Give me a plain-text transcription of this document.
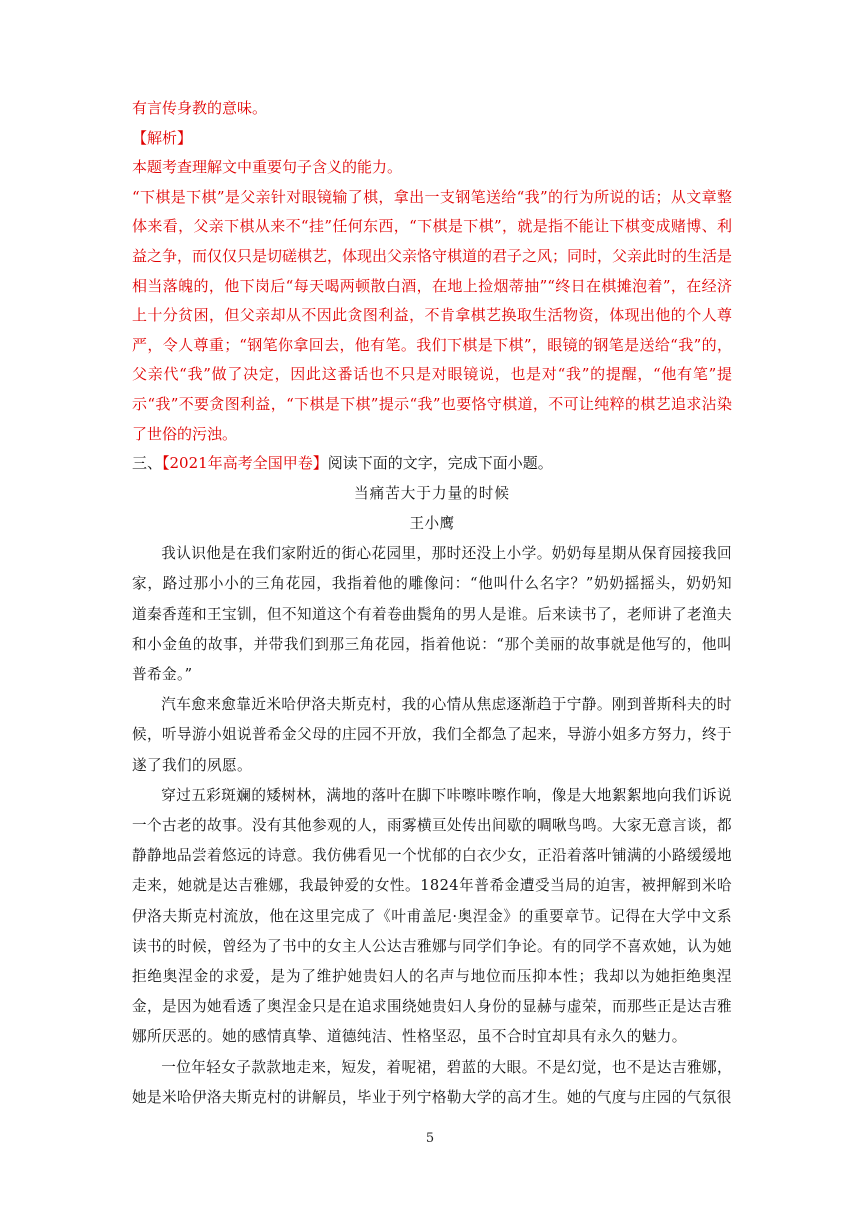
有言传身教的意味。

【解析】

本题考查理解文中重要句子含义的能力。

“下棋是下棋”是父亲针对眼镜输了棋，拿出一支钢笔送给“我”的行为所说的话；从文章整体来看，父亲下棋从来不“挂”任何东西，“下棋是下棋”，就是指不能让下棋变成赌博、利益之争，而仅仅只是切磋棋艺，体现出父亲恪守棋道的君子之风；同时，父亲此时的生活是相当落魄的，他下岗后“每天喝两顿散白酒，在地上捡烟蒂抽”“终日在棋摊泡着”，在经济上十分贫困，但父亲却从不因此贪图利益，不肯拿棋艺换取生活物资，体现出他的个人尊严，令人尊重；“钢笔你拿回去，他有笔。我们下棋是下棋”，眼镜的钢笔是送给“我”的，父亲代“我”做了决定，因此这番话也不只是对眼镜说，也是对“我”的提醒，“他有笔”提示“我”不要贪图利益，“下棋是下棋”提示“我”也要恪守棋道，不可让纯粹的棋艺追求沾染了世俗的污浊。

三、【2021年高考全国甲卷】阅读下面的文字，完成下面小题。

当痛苦大于力量的时候

王小鹰

我认识他是在我们家附近的街心花园里，那时还没上小学。奶奶每星期从保育园接我回家，路过那小小的三角花园，我指着他的雕像问：“他叫什么名字？”奶奶摇摇头，奶奶知道秦香莲和王宝钏，但不知道这个有着卷曲鬓角的男人是谁。后来读书了，老师讲了老渔夫和小金鱼的故事，并带我们到那三角花园，指着他说：“那个美丽的故事就是他写的，他叫普希金。”

汽车愈来愈靠近米哈伊洛夫斯克村，我的心情从焦虑逐渐趋于宁静。刚到普斯科夫的时候，听导游小姐说普希金父母的庄园不开放，我们全都急了起来，导游小姐多方努力，终于遂了我们的夙愿。

穿过五彩斑斓的矮树林，满地的落叶在脚下咔嚓咔嚓作响，像是大地絮絮地向我们诉说一个古老的故事。没有其他参观的人，雨雾横亘处传出间歇的啁啾鸟鸣。大家无意言谈，都静静地品尝着悠远的诗意。我仿佛看见一个忧郁的白衣少女，正沿着落叶铺满的小路缓缓地走来，她就是达吉雅娜，我最钟爱的女性。1824年普希金遭受当局的迫害，被押解到米哈伊洛夫斯克村流放，他在这里完成了《叶甫盖尼·奥涅金》的重要章节。记得在大学中文系读书的时候，曾经为了书中的女主人公达吉雅娜与同学们争论。有的同学不喜欢她，认为她拒绝奥涅金的求爱，是为了维护她贵妇人的名声与地位而压抑本性；我却以为她拒绝奥涅金，是因为她看透了奥涅金只是在追求围绕她贵妇人身份的显赫与虚荣，而那些正是达吉雅娜所厌恶的。她的感情真挚、道德纯洁、性格坚忍，虽不合时宜却具有永久的魅力。

一位年轻女子款款地走来，短发，着呢裙，碧蓝的大眼。不是幻觉，也不是达吉雅娜，她是米哈伊洛夫斯克村的讲解员，毕业于列宁格勒大学的高才生。她的气度与庄园的气氛很

5
